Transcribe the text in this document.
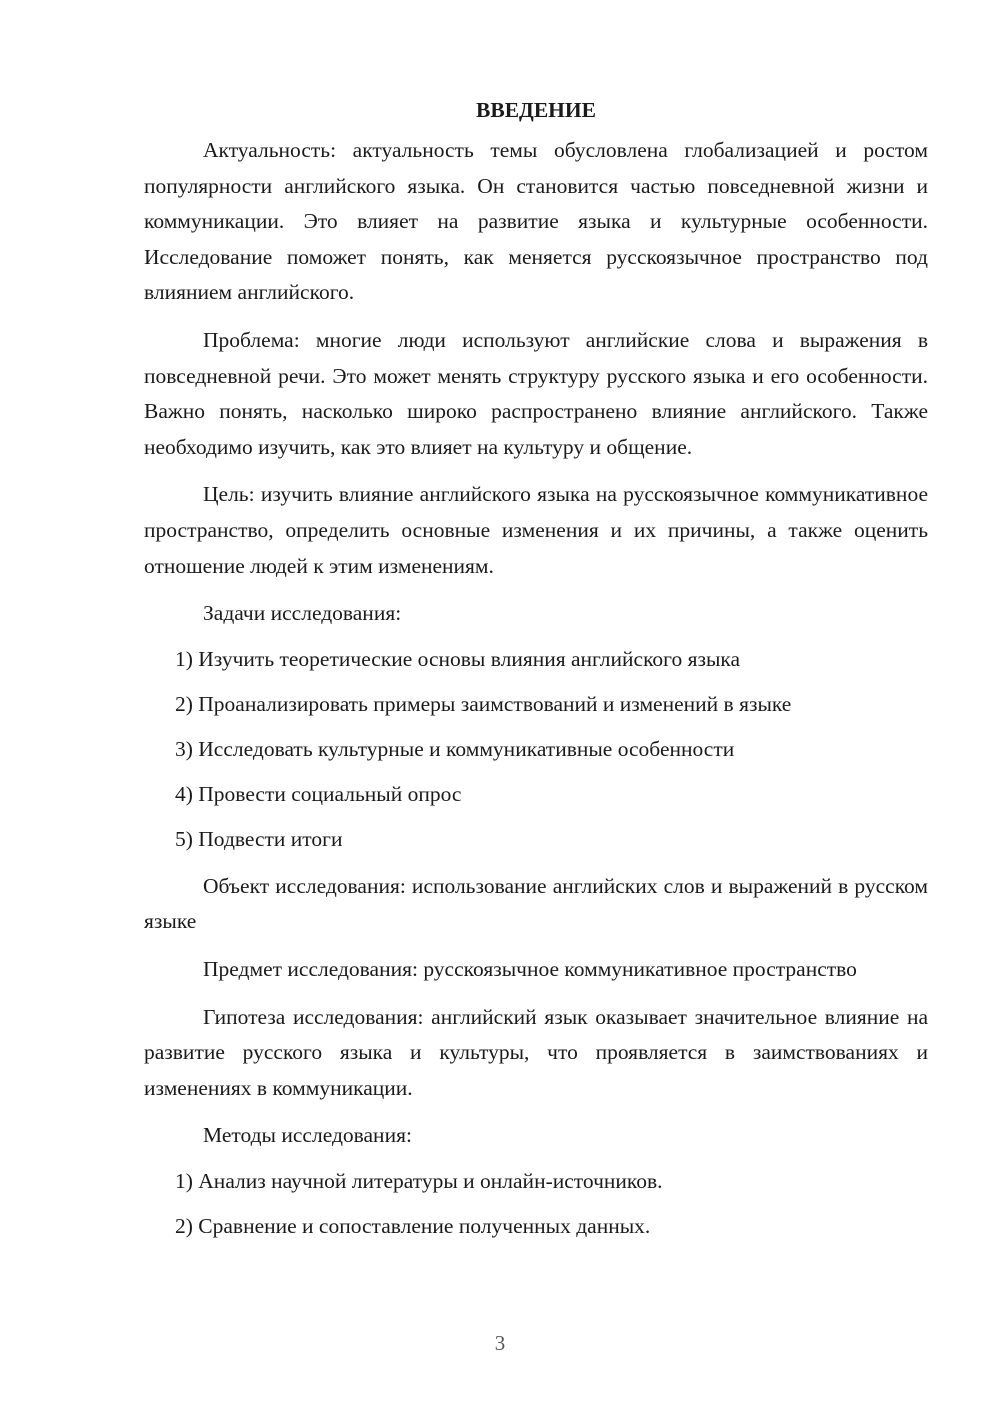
ВВЕДЕНИЕ

Актуальность: актуальность темы обусловлена глобализацией и ростом популярности английского языка. Он становится частью повседневной жизни и коммуникации. Это влияет на развитие языка и культурные особенности. Исследование поможет понять, как меняется русскоязычное пространство под влиянием английского.

Проблема: многие люди используют английские слова и выражения в повседневной речи. Это может менять структуру русского языка и его особенности. Важно понять, насколько широко распространено влияние английского. Также необходимо изучить, как это влияет на культуру и общение.

Цель: изучить влияние английского языка на русскоязычное коммуникативное пространство, определить основные изменения и их причины, а также оценить отношение людей к этим изменениям.

Задачи исследования:

1) Изучить теоретические основы влияния английского языка
2) Проанализировать примеры заимствований и изменений в языке
3) Исследовать культурные и коммуникативные особенности
4) Провести социальный опрос
5) Подвести итоги

Объект исследования: использование английских слов и выражений в русском языке

Предмет исследования: русскоязычное коммуникативное пространство

Гипотеза исследования: английский язык оказывает значительное влияние на развитие русского языка и культуры, что проявляется в заимствованиях и изменениях в коммуникации.

Методы исследования:

1) Анализ научной литературы и онлайн-источников.
2) Сравнение и сопоставление полученных данных.
3
